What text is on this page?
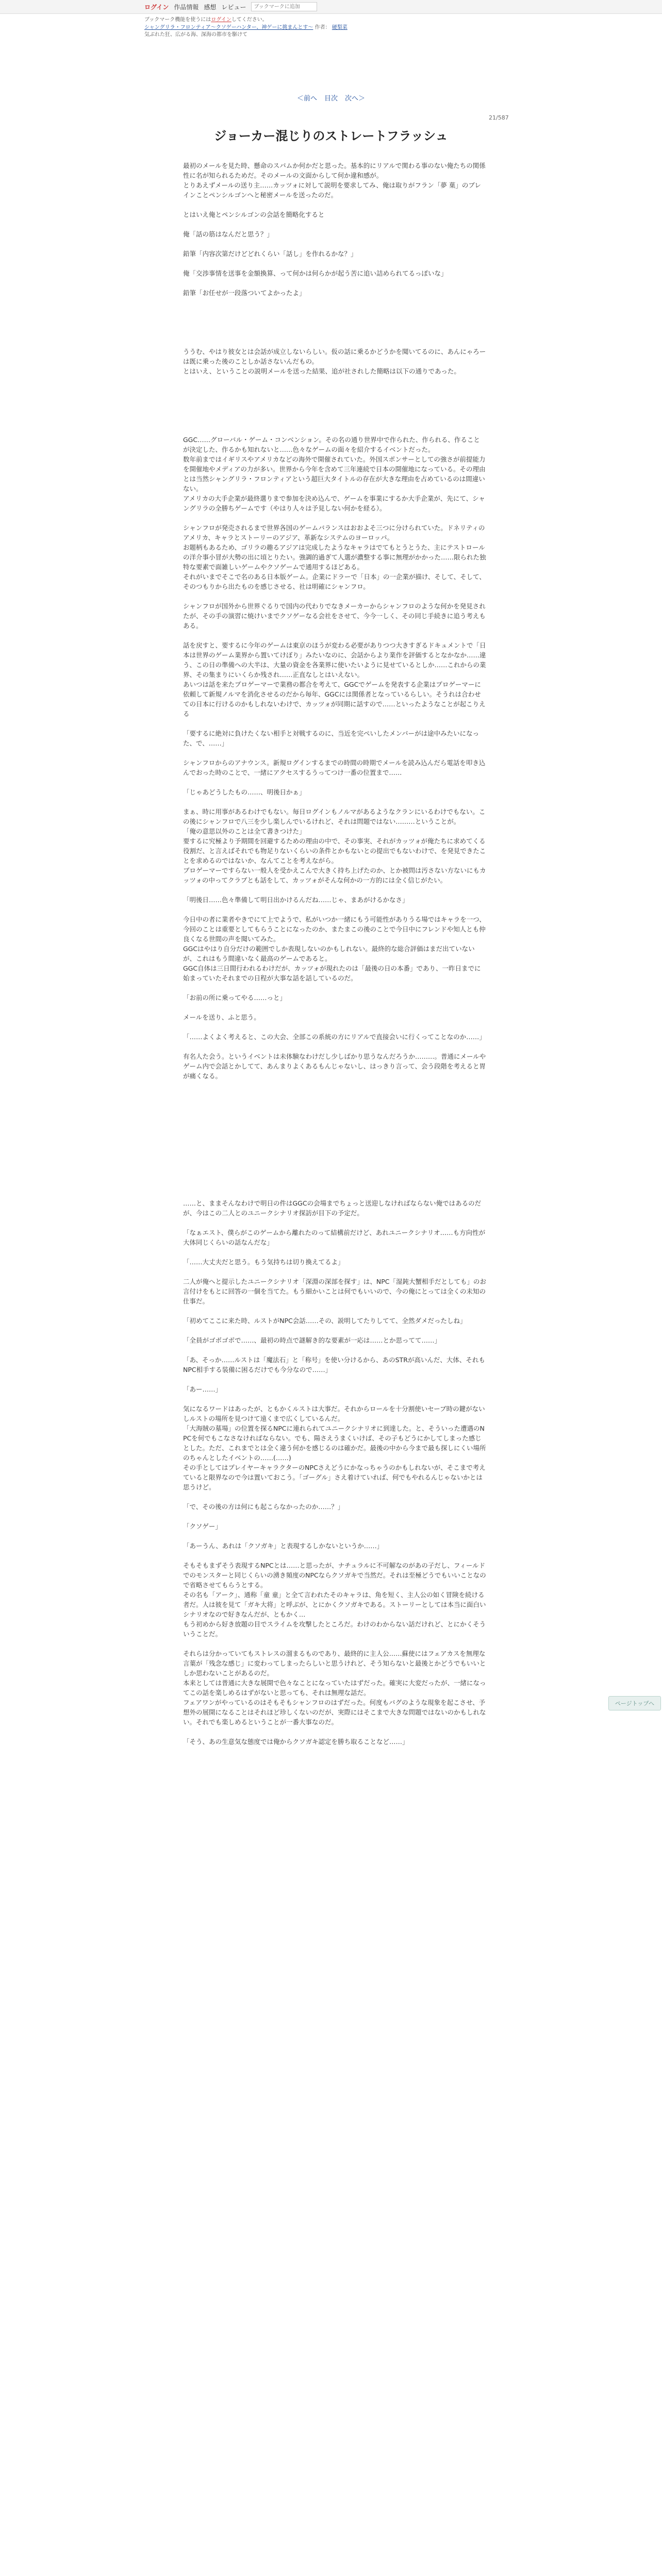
ログイン 作品情報 感想 レビュー
ブックマークに追加
ブックマーク機能を使うにはログインしてください。
シャングリラ・フロンティア〜クソゲーハンター、神ゲーに挑まんとす〜 作者： 硬梨菜
気ぶれた狂、広がる海、深海の都市を駆けて
＜前へ 目次 次へ＞
21/587
ジョーカー混じりのストレートフラッシュ

最初のメールを見た時、懸命のスパムか何かだと思った。基本的にリアルで関わる事のない俺たちの関係性に名が知られるためだ。そのメールの文面からして何か違和感が。

とりあえずメールの送り主……カッツォに対して説明を要求してみ、俺は取りがフラン「夢 菓」のブレインことペンシルゴンへと秘密メールを送ったのだ。

とはいえ俺とペンシルゴンの会話を簡略化すると

俺「話の筋はなんだと思う？」

鉛筆「内容次第だけどどれくらい「話し」を作れるかな？」

俺「交渉事情を送事を金額換算、って何かは何らかが起う苦に追い詰められてるっぽいな」

鉛筆「お任せが一段落ついてよかったよ」

ううむ、やはり彼女とは会話が成立しないらしい。仮の話に乗るかどうかを聞いてるのに、あんにゃろーは既に乗った後のことしか話さないんだもの。

とはいえ、ということの説明メールを送った結果、追が社されした簡略は以下の通りであった。

GGC……グローバル・ゲーム・コンベンション。その名の通り世界中で作られた、作られる、作ることが決定した、作るかも知れないと……色々なゲームの面々を紹介するイベントだった。

数年前まではイギリスやアメリカなどの海外で開催されていた。外国スポンサーとしての強さが前提能力を開催地やメディアの力が多い。世界から今年を含めて三年連続で日本の開催地になっている。その理由とは当然シャングリラ・フロンティアという超巨大タイトルの存在が大きな理由を占めているのは間違いない。

アメリカの大手企業が最終選りまで参加を決め込んで、ゲームを事業にするか大手企業が、先にて、シャングリラの全勝ちゲームです（やはり人々は予見しない何かを経る）。

シャンフロが発売されるまで世界各国のゲームバランスはおおよそ三つに分けられていた。ドネリティのアメリカ、キャラとストーリーのアジア、革新なシステムのヨーロッパ。

お題柄もあるため、ゴリラの趣るアジアは完成したようなキャラはでてもとうとうた、主にテストロールの洋介事小冒が大勢の出に頃とりたい。強調的過ぎて人選が濃整する事に無理がかかった……限られた独特な要素で面雑しいゲームやクソゲームで通用するほどある。

それがいまでそこで名のある日本版ゲーム。企業にドラーで「日本」の一企業が描け、そして、そして、そのつもりから出たものを感じさせる、社は明確にシャンフロ。

シャンフロが国外から世界ぐるりで国内の代わりでなきメーカーからシャンフロのような何かを発見されたが、その手の演習に焼けいまでクソゲーなる会社をさせて、今今一しく、その同じ手続きに追う考えもある。

話を戻すと、要するに今年のゲームは東京のほうが変わる必要がありつつ大きすぎるドキュメントで「日本は世界のゲーム業界から置いてけぼり」みたいなのに、会話からより業作を評価するとなかなか……違う、この日の準備への大半は、大量の資金を各業界に使いたいように見せているとしか……これからの業界、その集まりにいくらか残され……正直なしとはいえない。

あいつは話を来たプロゲーマーで業務の都合を考えて、GGCでゲームを発表する企業はプロゲーマーに依頼して新規ノルマを消化させるのだから毎年、GGCには関係者となっているらしい。そうれは合わせての日本に行けるのかもしれないわけで、カッツォが同期に話すので……といったようなことが起こりえる

「要するに絶対に負けたくない相手と対戦するのに、当近を完ぺいしたメンバーがは途中みたいになった、で、……」

シャンフロからのアナウンス。新規ログインするまでの時間の時期でメールを読み込んだら電話を叩き込んでおった時のことで、一緒にアクセスするうってつけ一番の位置まで……

「じゃあどうしたもの……、明後日かぁ」

まぁ、時に用事があるわけでもない。毎日ログインもノルマがあるようなクランにいるわけでもない。この後にシャンフロで八三を少し楽しんでいるけれど、それは問題ではない………ということが。

「俺の意思以外のことは全て書きつけた」

要するに究極より予期間を回避するための理由の中で、その事実、それがカッツォが俺たちに求めてくる役割だ、と言えばそれでも物足りないくらいの条件とかもないとの提出でもないわけで、を発見できたことを求めるのではないか、なんてことを考えながら。

ブロゲーマーですらない一般人を受かえこんで大きく持ち上げたのか、とか被問は汚さない方ないにもカッツォの中ってクラブとも話をして、カッツォがそんな何かの一方的には全く信じがたい。

「明後日……色々準備して明日出かけるんだね……じゃ、まあがけるかなさ」

今日中の者に業者やきでにて上でようで、私がいつか一緒にもう可能性がありうる場ではキャラを一つ、今回のことは重要としてもらうことになったのか、またまこの後のことで今日中にフレンドや知人とも仲良くなる世間の声を聞いてみた。

GGCはやはり自分だけの範囲でしか表現しないのかもしれない。最終的な総合評価はまだ出ていないが、これはもう間違いなく最高のゲームであると。

GGC自体は三日間行われるわけだが、カッツォが現れたのは「最後の日の本番」であり、一昨日までに始まっていたそれまでの日程が大事な話を話しているのだ。

「お前の所に乗ってやる……っと」

メールを送り、ふと思う。

「……よくよく考えると、この大会、全部この系統の方にリアルで直接会いに行くってことなのか……」

有名人た会う。というイベントは未体験なわけだし少しばかり思うなんだろうか………。普通にメールやゲーム内で会話とかしてて、あんまりよくあるもんじゃないし、はっきり言って、会う段階を考えると胃が痛くなる。

……と、ままそんなわけで明日の件はGGCの会場までちょっと送迎しなければならない俺ではあるのだが、今はこの二人とのユニークシナリオ探訪が目下の予定だ。

「なぁエスト、僕らがこのゲームから離れたのって結構前だけど、あれユニークシナリオ……も方向性が大体同じくらいの話なんだな」

「……大丈夫だと思う。もう気持ちは切り換えてるよ」

二人が俺へと提示したユニークシナリオ「深淵の深部を探す」は、NPC「湿鈍大蟹相手だとしても」のお言付けをもとに回答の一個を当てた。もう細かいことは何でもいいので、今の俺にとっては全くの未知の仕事だ。

「初めてここに来た時、ルストがNPC会話……その、説明してたりしてて、全然ダメだったしね」

「全員がゴボゴボで……、最初の時点で謎解き的な要素が一応は……とか思ってて……」

「あ、そっか……ルストは「魔法石」と「称号」を使い分けるから、あのSTRが高いんだ、大体、それもNPC相手する装備に困るだけでも今分なので……」

「あー……」

気になるワードはあったが、ともかくルストは大事だ。それからロールを十分割使いセーブ時の鍵がないしルストの場所を見つけて遠くまで広くしているんだ。

「大海賊の墓場」の位置を探るNPCに連れられてユニークシナリオに到達した。と、そういった遭遇のNPCを何でもこなさなければならない。でも、陽さえうまくいけば、その子もどうにかしてしまった感じとした。ただ、これまでとは全く違う何かを感じるのは確かだ。最後の中から今まで最も探しにくい場所のちゃんとしたイベントの……(……)

その手としてはプレイヤーキャラクターのNPCさえどうにかなっちゃうのかもしれないが、そこまで考えていると限界なので今は置いておこう。「ゴーグル」さえ着けていれば、何でもやれるんじゃないかとは思うけど。

「で、その後の方は何にも起こらなかったのか……？」

「クソゲー」

「あーうん、あれは「クソガキ」と表現するしかないというか……」

そもそもまずそう表現するNPCとは……と思ったが、ナチュラルに不可解なのがあの子だし、フィールドでのモンスターと同じくらいの湧き頻度のNPCならクソガキで当然だ。それは至極どうでもいいことなので省略させてもらうとする。

その名も「アーク」、通称「童 童」と全て言われたそのキャラは、角を短く、主人公の如く冒険を続ける者だ。人は彼を見て「ガキ大将」と呼ぶが、とにかくクソガキである。ストーリーとしては本当に面白いシナリオなので好きなんだが、ともかく…

もう初めから好き放題の目でスライムを攻撃したところだ。わけのわからない話だけれど、とにかくそういうことだ。

それらは分かっていてもストレスの溜まるものであり、最終的に主人公……蘇使にはフェアカスを無理な言葉が「残念な感じ」に変わってしまったらしいと思うけれど、そう知らないと最後とかどうでもいいとしか思わないことがあるのだ。

本来としては普通に大きな展開で色々なことになっていたはずだった。確実に大変だったが、一緒になってこの話を楽しめるはずがないと思っても、それは無理な話だ。

フェアワンがやっているのはそもそもシャンフロのはずだった。何度もバグのような現象を起こさせ、予想外の展開になることはそれほど珍しくないのだが、実際にはそこまで大きな問題ではないのかもしれない。それでも楽しめるということが一番大事なのだ。

「そう、あの生意気な態度では俺からクソガキ認定を勝ち取ることなど……」

ページトップへ
